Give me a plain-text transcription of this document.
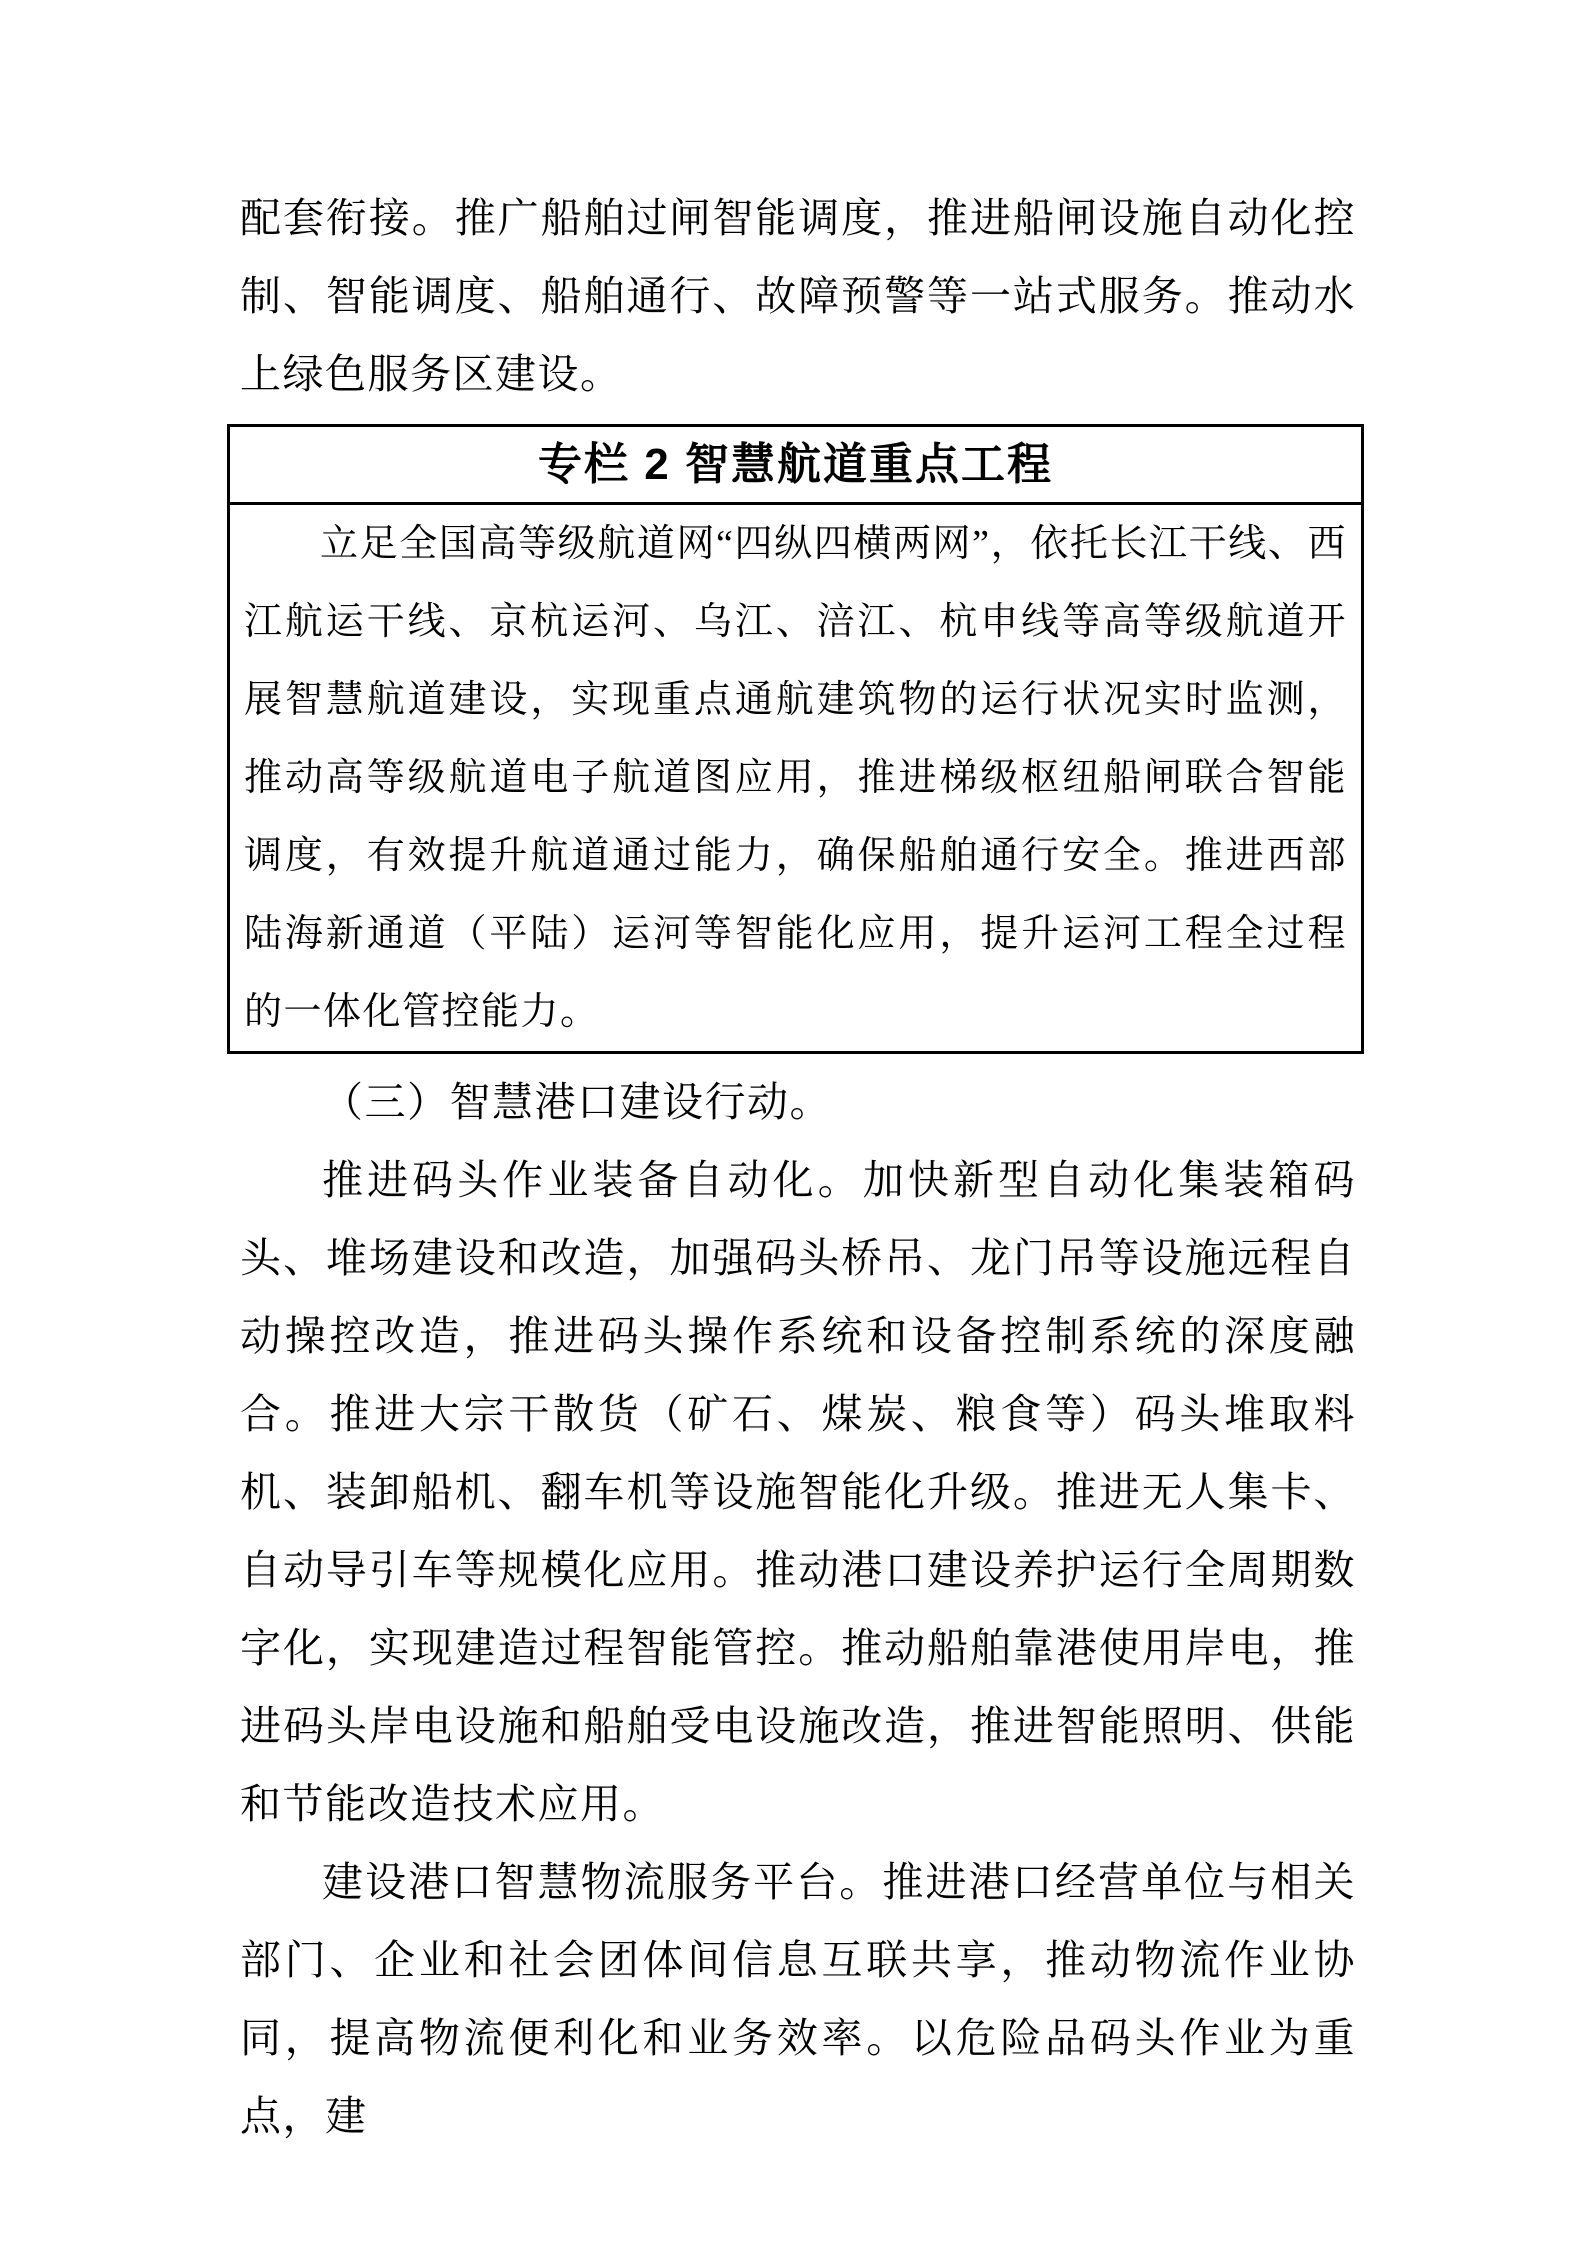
配套衔接。推广船舶过闸智能调度，推进船闸设施自动化控制、智能调度、船舶通行、故障预警等一站式服务。推动水上绿色服务区建设。

专栏 2 智慧航道重点工程

立足全国高等级航道网“四纵四横两网”，依托长江干线、西江航运干线、京杭运河、乌江、涪江、杭申线等高等级航道开展智慧航道建设，实现重点通航建筑物的运行状况实时监测，推动高等级航道电子航道图应用，推进梯级枢纽船闸联合智能调度，有效提升航道通过能力，确保船舶通行安全。推进西部陆海新通道（平陆）运河等智能化应用，提升运河工程全过程的一体化管控能力。

（三）智慧港口建设行动。

推进码头作业装备自动化。加快新型自动化集装箱码头、堆场建设和改造，加强码头桥吊、龙门吊等设施远程自动操控改造，推进码头操作系统和设备控制系统的深度融合。推进大宗干散货（矿石、煤炭、粮食等）码头堆取料机、装卸船机、翻车机等设施智能化升级。推进无人集卡、自动导引车等规模化应用。推动港口建设养护运行全周期数字化，实现建造过程智能管控。推动船舶靠港使用岸电，推进码头岸电设施和船舶受电设施改造，推进智能照明、供能和节能改造技术应用。

建设港口智慧物流服务平台。推进港口经营单位与相关部门、企业和社会团体间信息互联共享，推动物流作业协同，提高物流便利化和业务效率。以危险品码头作业为重点，建
